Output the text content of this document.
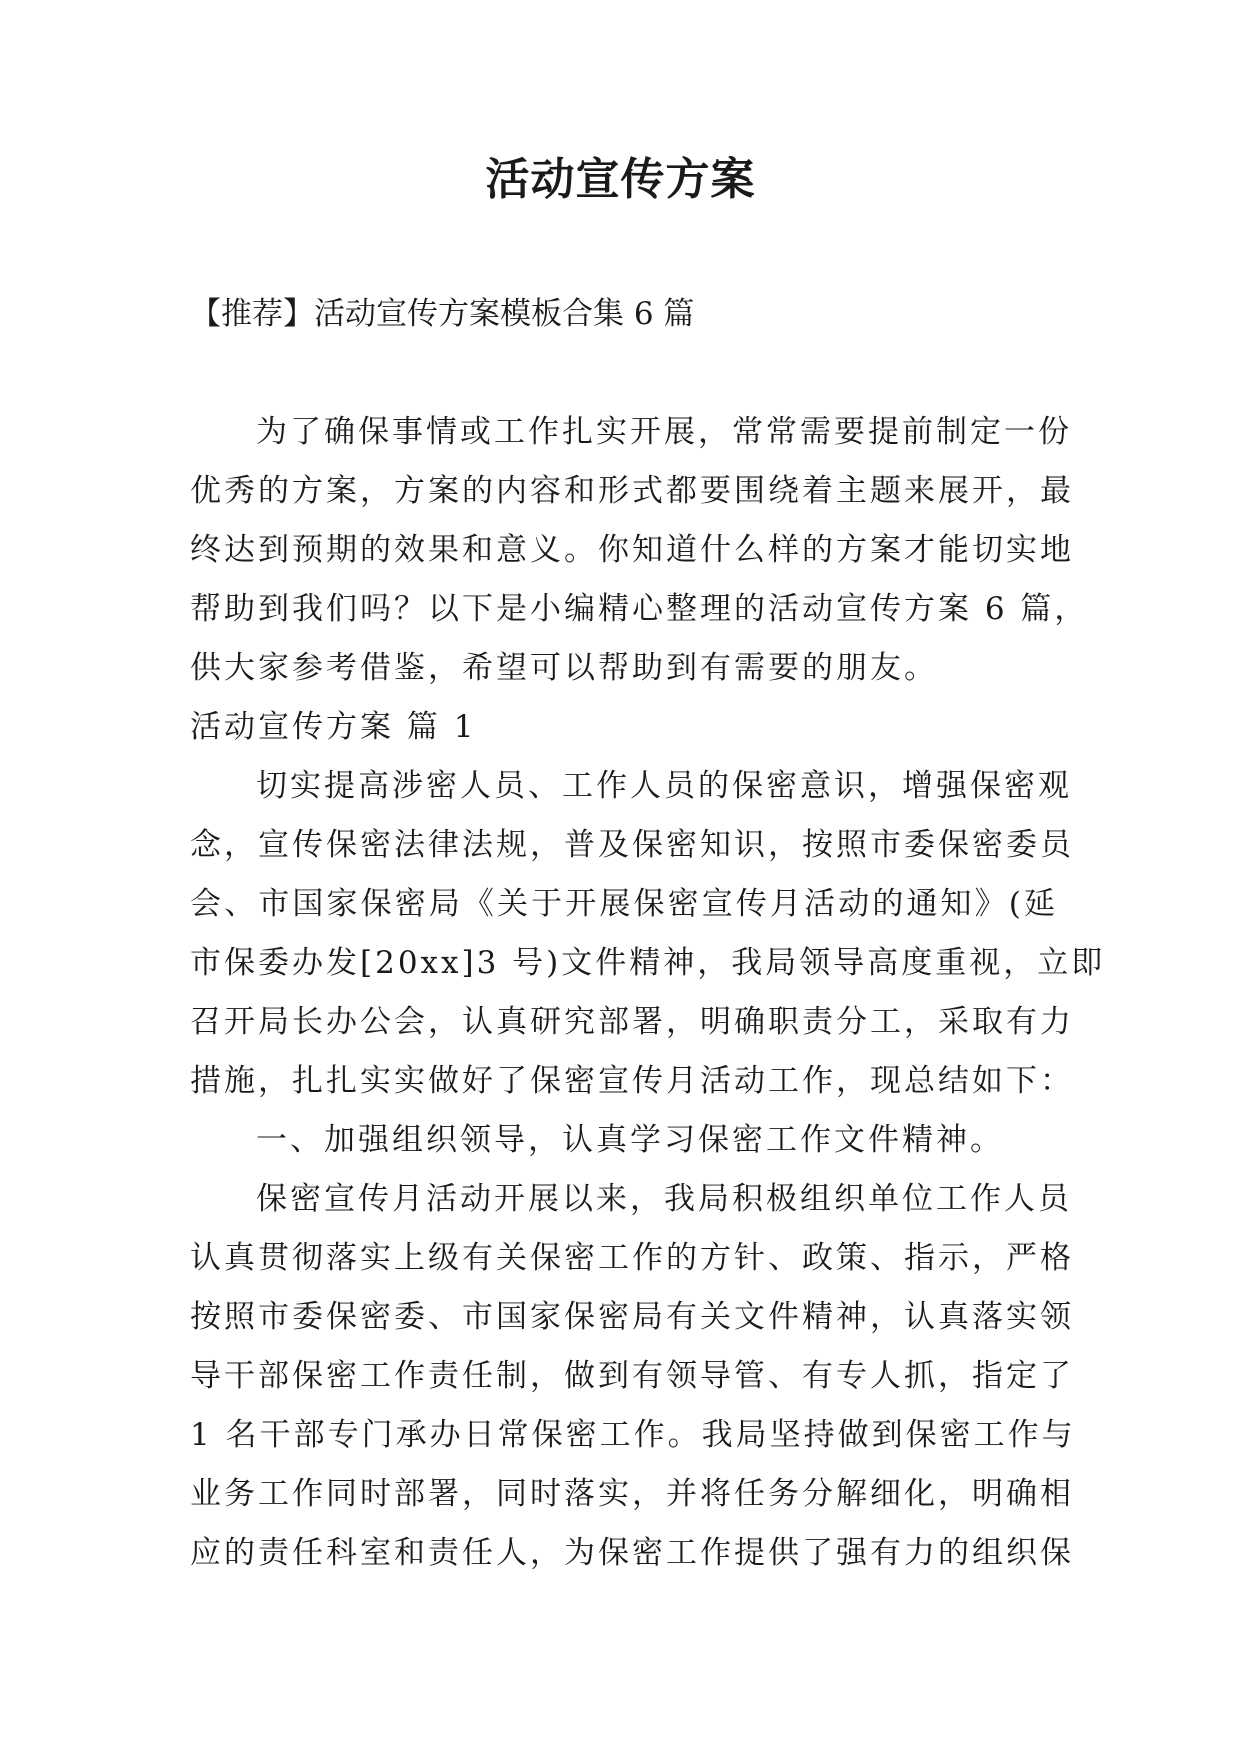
活动宣传方案
【推荐】活动宣传方案模板合集 6 篇
为了确保事情或工作扎实开展，常常需要提前制定一份
优秀的方案，方案的内容和形式都要围绕着主题来展开，最
终达到预期的效果和意义。你知道什么样的方案才能切实地
帮助到我们吗？以下是小编精心整理的活动宣传方案 6 篇，
供大家参考借鉴，希望可以帮助到有需要的朋友。
活动宣传方案 篇 1
切实提高涉密人员、工作人员的保密意识，增强保密观
念，宣传保密法律法规，普及保密知识，按照市委保密委员
会、市国家保密局《关于开展保密宣传月活动的通知》(延
市保委办发[20xx]3 号)文件精神，我局领导高度重视，立即
召开局长办公会，认真研究部署，明确职责分工，采取有力
措施，扎扎实实做好了保密宣传月活动工作，现总结如下：
一、加强组织领导，认真学习保密工作文件精神。
保密宣传月活动开展以来，我局积极组织单位工作人员
认真贯彻落实上级有关保密工作的方针、政策、指示，严格
按照市委保密委、市国家保密局有关文件精神，认真落实领
导干部保密工作责任制，做到有领导管、有专人抓，指定了
1 名干部专门承办日常保密工作。我局坚持做到保密工作与
业务工作同时部署，同时落实，并将任务分解细化，明确相
应的责任科室和责任人，为保密工作提供了强有力的组织保
